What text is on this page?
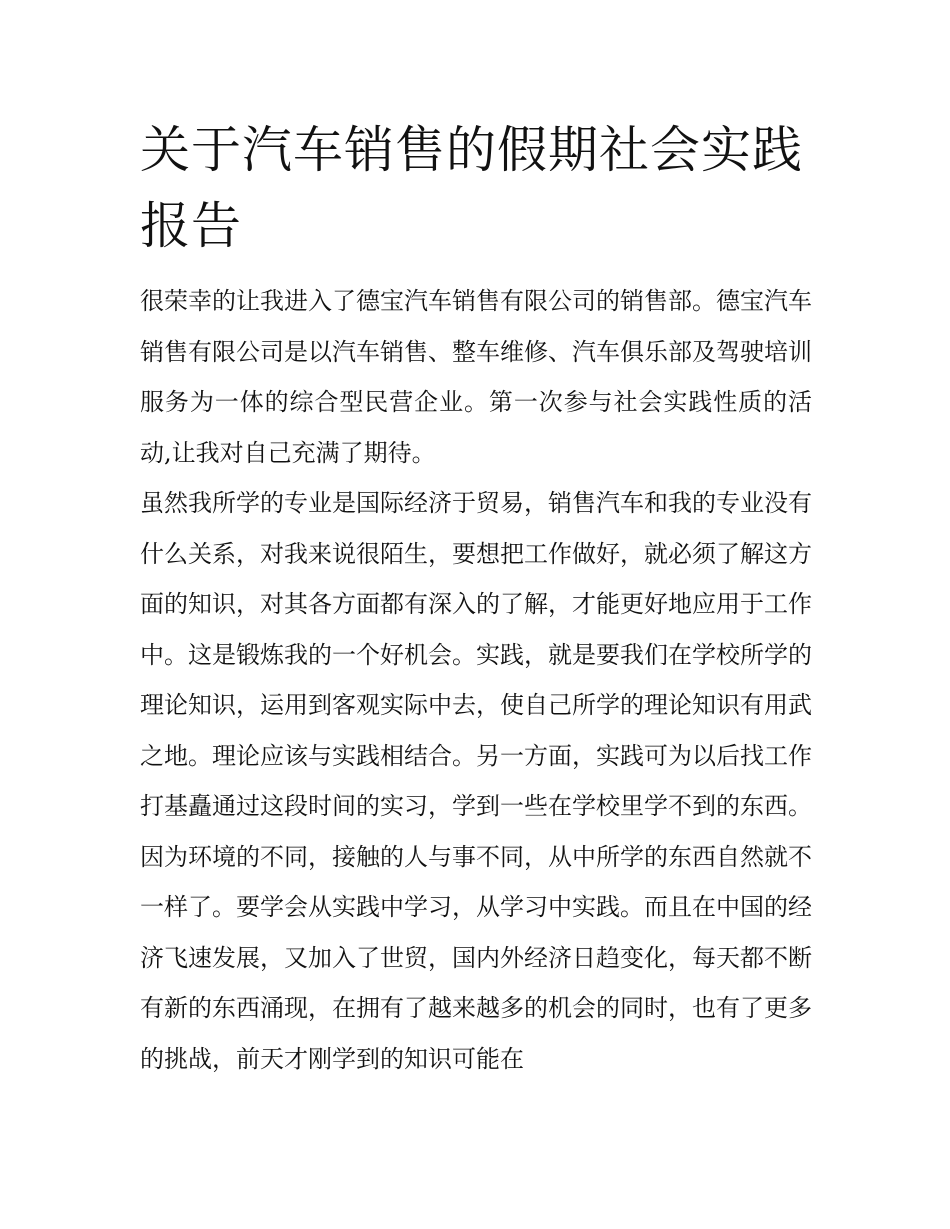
关于汽车销售的假期社会实践报告

很荣幸的让我进入了德宝汽车销售有限公司的销售部。德宝汽车销售有限公司是以汽车销售、整车维修、汽车俱乐部及驾驶培训服务为一体的综合型民营企业。第一次参与社会实践性质的活动,让我对自己充满了期待。

虽然我所学的专业是国际经济于贸易，销售汽车和我的专业没有什么关系，对我来说很陌生，要想把工作做好，就必须了解这方面的知识，对其各方面都有深入的了解，才能更好地应用于工作中。这是锻炼我的一个好机会。实践，就是要我们在学校所学的理论知识，运用到客观实际中去，使自己所学的理论知识有用武之地。理论应该与实践相结合。另一方面，实践可为以后找工作打基矗通过这段时间的实习，学到一些在学校里学不到的东西。因为环境的不同，接触的人与事不同，从中所学的东西自然就不一样了。要学会从实践中学习，从学习中实践。而且在中国的经济飞速发展，又加入了世贸，国内外经济日趋变化，每天都不断有新的东西涌现，在拥有了越来越多的机会的同时，也有了更多的挑战，前天才刚学到的知识可能在
